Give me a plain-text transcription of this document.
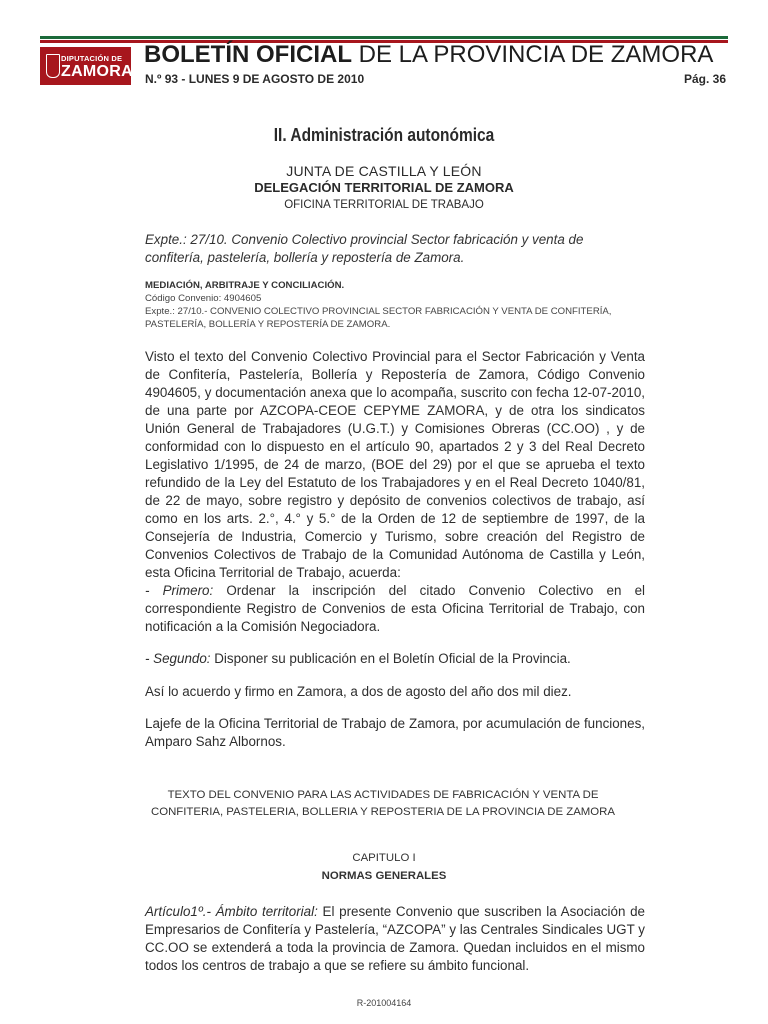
DIPUTACIÓN DE
ZAMORA
BOLETÍN OFICIAL DE LA PROVINCIA DE ZAMORA
N.º 93 - LUNES 9 DE AGOSTO DE 2010	Pág. 36
II. Administración autonómica
JUNTA DE CASTILLA Y LEÓN
DELEGACIÓN TERRITORIAL DE ZAMORA
OFICINA TERRITORIAL DE TRABAJO
Expte.: 27/10. Convenio Colectivo provincial Sector fabricación y venta de confitería, pastelería, bollería y repostería de Zamora.
MEDIACIÓN, ARBITRAJE Y CONCILIACIÓN.
Código Convenio: 4904605
Expte.: 27/10.- CONVENIO COLECTIVO PROVINCIAL SECTOR FABRICACIÓN Y VENTA DE CONFITERÍA, PASTELERÍA, BOLLERÍA Y REPOSTERÍA DE ZAMORA.
Visto el texto del Convenio Colectivo Provincial para el Sector Fabricación y Venta de Confitería, Pastelería, Bollería y Repostería de Zamora, Código Convenio 4904605, y documentación anexa que lo acompaña, suscrito con fecha 12-07-2010, de una parte por AZCOPA-CEOE CEPYME ZAMORA, y de otra los sindicatos Unión General de Trabajadores (U.G.T.) y Comisiones Obreras (CC.OO) , y de conformidad con lo dispuesto en el artículo 90, apartados 2 y 3 del Real Decreto Legislativo 1/1995, de 24 de marzo, (BOE del 29) por el que se aprueba el texto refundido de la Ley del Estatuto de los Trabajadores y en el Real Decreto 1040/81, de 22 de mayo, sobre registro y depósito de convenios colectivos de trabajo, así como en los arts. 2.°, 4.° y 5.° de la Orden de 12 de septiembre de 1997, de la Consejería de Industria, Comercio y Turismo, sobre creación del Registro de Convenios Colectivos de Trabajo de la Comunidad Autónoma de Castilla y León, esta Oficina Territorial de Trabajo, acuerda:
- Primero: Ordenar la inscripción del citado Convenio Colectivo en el correspondiente Registro de Convenios de esta Oficina Territorial de Trabajo, con notificación a la Comisión Negociadora.
- Segundo: Disponer su publicación en el Boletín Oficial de la Provincia.
Así lo acuerdo y firmo en Zamora, a dos de agosto del año dos mil diez.
Lajefe de la Oficina Territorial de Trabajo de Zamora, por acumulación de funciones, Amparo Sahz Albornos.
TEXTO DEL CONVENIO PARA LAS ACTIVIDADES DE FABRICACIÓN Y VENTA DE CONFITERIA, PASTELERIA, BOLLERIA Y REPOSTERIA DE LA PROVINCIA DE ZAMORA
CAPITULO I
NORMAS GENERALES
Artículo1º.- Ámbito territorial: El presente Convenio que suscriben la Asociación de Empresarios de Confitería y Pastelería, “AZCOPA” y las Centrales Sindicales UGT y CC.OO se extenderá a toda la provincia de Zamora. Quedan incluidos en el mismo todos los centros de trabajo a que se refiere su ámbito funcional.
R-201004164
